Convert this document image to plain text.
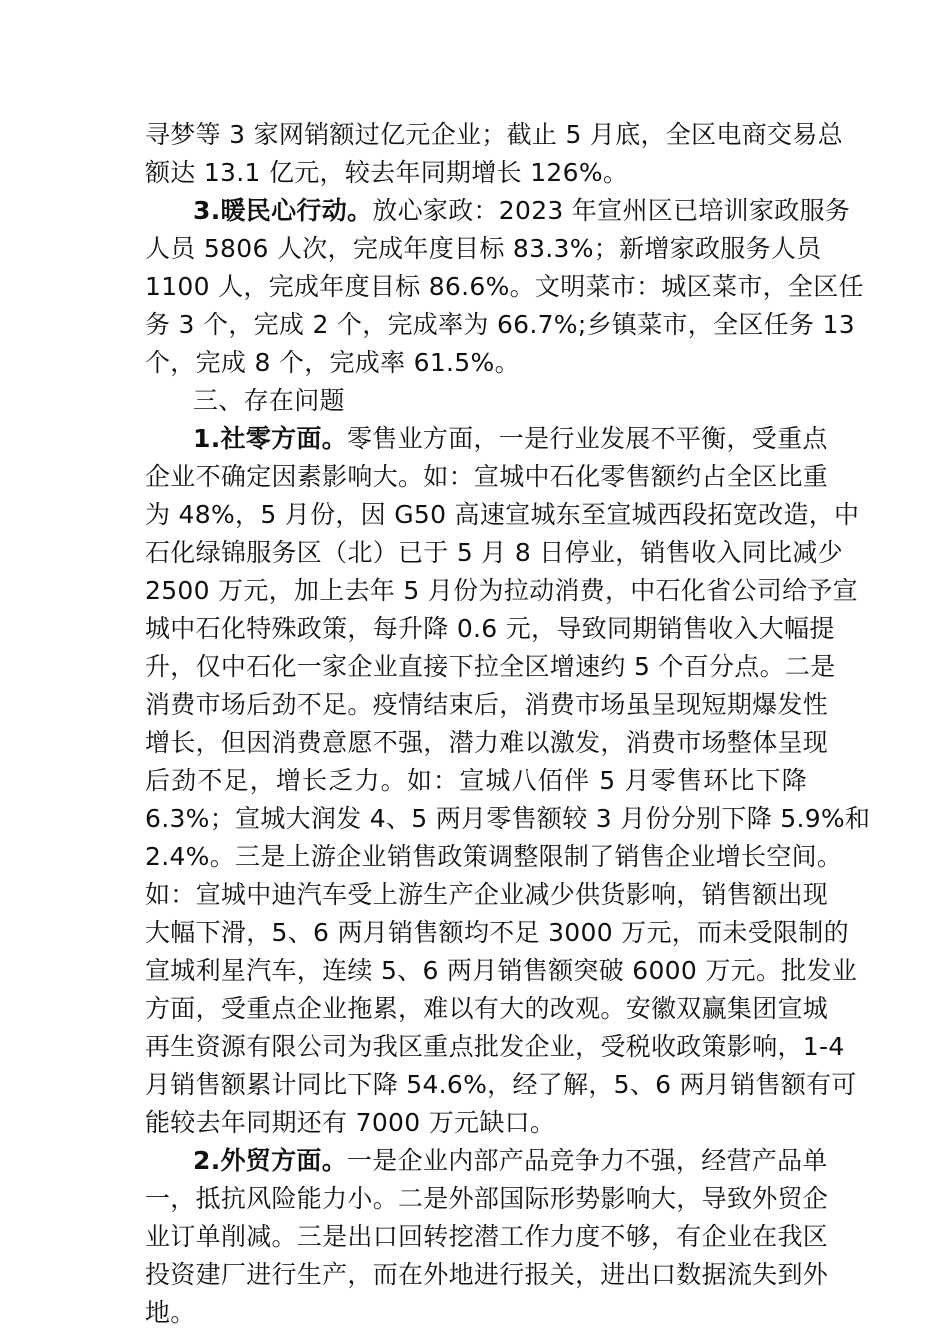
寻梦等 3 家网销额过亿元企业；截止 5 月底，全区电商交易总
额达 13.1 亿元，较去年同期增长 126%。
3.暖民心行动。放心家政：2023 年宣州区已培训家政服务
人员 5806 人次，完成年度目标 83.3%；新增家政服务人员
1100 人，完成年度目标 86.6%。文明菜市：城区菜市，全区任
务 3 个，完成 2 个，完成率为 66.7%;乡镇菜市，全区任务 13
个，完成 8 个，完成率 61.5%。
三、存在问题
1.社零方面。零售业方面，一是行业发展不平衡，受重点
企业不确定因素影响大。如：宣城中石化零售额约占全区比重
为 48%，5 月份，因 G50 高速宣城东至宣城西段拓宽改造，中
石化绿锦服务区（北）已于 5 月 8 日停业，销售收入同比减少
2500 万元，加上去年 5 月份为拉动消费，中石化省公司给予宣
城中石化特殊政策，每升降 0.6 元，导致同期销售收入大幅提
升，仅中石化一家企业直接下拉全区增速约 5 个百分点。二是
消费市场后劲不足。疫情结束后，消费市场虽呈现短期爆发性
增长，但因消费意愿不强，潜力难以激发，消费市场整体呈现
后劲不足，增长乏力。如：宣城八佰伴 5 月零售环比下降
6.3%；宣城大润发 4、5 两月零售额较 3 月份分别下降 5.9%和
2.4%。三是上游企业销售政策调整限制了销售企业增长空间。
如：宣城中迪汽车受上游生产企业减少供货影响，销售额出现
大幅下滑，5、6 两月销售额均不足 3000 万元，而未受限制的
宣城利星汽车，连续 5、6 两月销售额突破 6000 万元。批发业
方面，受重点企业拖累，难以有大的改观。安徽双赢集团宣城
再生资源有限公司为我区重点批发企业，受税收政策影响，1-4
月销售额累计同比下降 54.6%，经了解，5、6 两月销售额有可
能较去年同期还有 7000 万元缺口。
2.外贸方面。一是企业内部产品竞争力不强，经营产品单
一，抵抗风险能力小。二是外部国际形势影响大，导致外贸企
业订单削减。三是出口回转挖潜工作力度不够，有企业在我区
投资建厂进行生产，而在外地进行报关，进出口数据流失到外
地。
